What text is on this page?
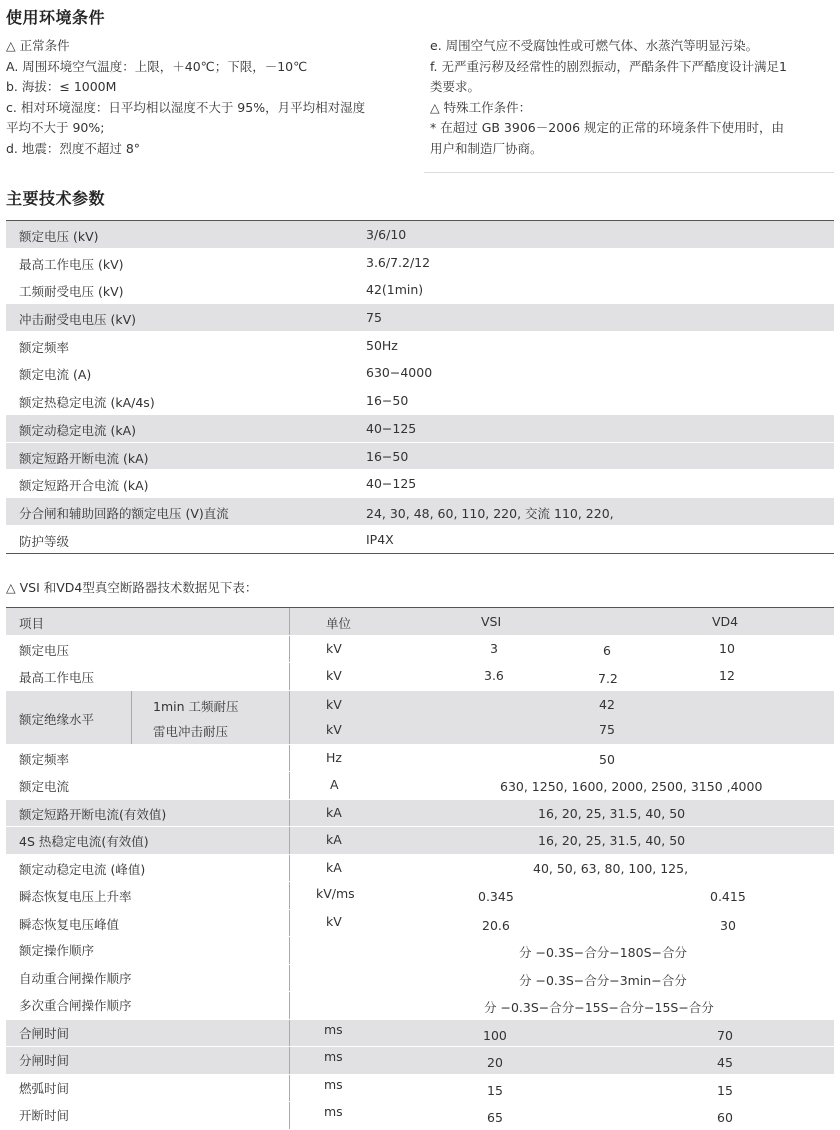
使用环境条件
△ 正常条件
A. 周围环境空气温度：上限，＋40℃；下限，－10℃
b. 海拔：≤ 1000M
c. 相对环境湿度：日平均相以湿度不大于 95%，月平均相对湿度
平均不大于 90%;
d. 地震：烈度不超过 8°
e. 周围空气应不受腐蚀性或可燃气体、水蒸汽等明显污染。
f. 无严重污秽及经常性的剧烈振动，严酷条件下严酷度设计满足1
类要求。
△ 特殊工作条件：
* 在超过 GB 3906－2006 规定的正常的环境条件下使用时，由
用户和制造厂协商。
主要技术参数
额定电压 (kV)	3/6/10
最高工作电压 (kV)	3.6/7.2/12
工频耐受电压 (kV)	42(1min)
冲击耐受电电压 (kV)	75
额定频率	50Hz
额定电流 (A)	630−4000
额定热稳定电流 (kA/4s)	16−50
额定动稳定电流 (kA)	40−125
额定短路开断电流 (kA)	16−50
额定短路开合电流 (kA)	40−125
分合闸和辅助回路的额定电压 (V)直流	24, 30, 48, 60, 110, 220, 交流 110, 220,
防护等级	IP4X
△ VSI 和VD4型真空断路器技术数据见下表：
项目	单位	VSI	VD4
额定电压	kV	3	6	10
最高工作电压	kV	3.6	7.2	12
额定绝缘水平
1min 工频耐压	kV	42
雷电冲击耐压	kV	75
额定频率	Hz	50
额定电流	A	630, 1250, 1600, 2000, 2500, 3150 ,4000
额定短路开断电流(有效值)	kA	16, 20, 25, 31.5, 40, 50
4S 热稳定电流(有效值)	kA	16, 20, 25, 31.5, 40, 50
额定动稳定电流 (峰值)	kA	40, 50, 63, 80, 100, 125,
瞬态恢复电压上升率	kV/ms	0.345	0.415
瞬态恢复电压峰值	kV	20.6	30
额定操作顺序	分 −0.3S−合分−180S−合分
自动重合闸操作顺序	分 −0.3S−合分−3min−合分
多次重合闸操作顺序	分 −0.3S−合分−15S−合分−15S−合分
合闸时间	ms	100	70
分闸时间	ms	20	45
燃弧时间	ms	15	15
开断时间	ms	65	60
